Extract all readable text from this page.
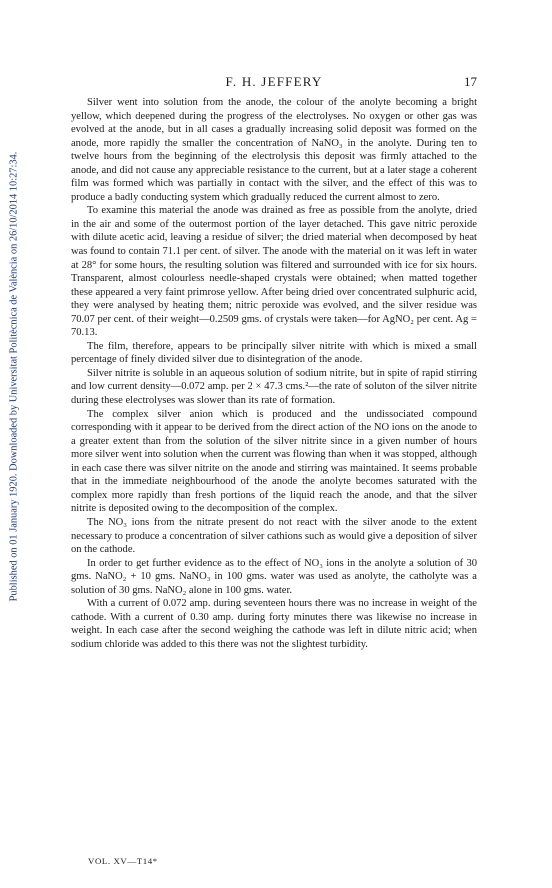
Published on 01 January 1920. Downloaded by Universitat Politècnica de València on 26/10/2014 10:27:34.
F. H. JEFFERY	17

Silver went into solution from the anode, the colour of the anolyte becoming a bright yellow, which deepened during the progress of the electrolyses. No oxygen or other gas was evolved at the anode, but in all cases a gradually increasing solid deposit was formed on the anode, more rapidly the smaller the concentration of NaNO₃ in the anolyte. During ten to twelve hours from the beginning of the electrolysis this deposit was firmly attached to the anode, and did not cause any appreciable resistance to the current, but at a later stage a coherent film was formed which was partially in contact with the silver, and the effect of this was to produce a badly conducting system which gradually reduced the current almost to zero.

To examine this material the anode was drained as free as possible from the anolyte, dried in the air and some of the outermost portion of the layer detached. This gave nitric peroxide with dilute acetic acid, leaving a residue of silver; the dried material when decomposed by heat was found to contain 71.1 per cent. of silver. The anode with the material on it was left in water at 28° for some hours, the resulting solution was filtered and surrounded with ice for six hours. Transparent, almost colourless needle-shaped crystals were obtained; when matted together these appeared a very faint primrose yellow. After being dried over concentrated sulphuric acid, they were analysed by heating them; nitric peroxide was evolved, and the silver residue was 70.07 per cent. of their weight—0.2509 gms. of crystals were taken—for AgNO₂ per cent. Ag = 70.13.

The film, therefore, appears to be principally silver nitrite with which is mixed a small percentage of finely divided silver due to disintegration of the anode.

Silver nitrite is soluble in an aqueous solution of sodium nitrite, but in spite of rapid stirring and low current density—0.072 amp. per 2 × 47.3 cms.²—the rate of soluton of the silver nitrite during these electrolyses was slower than its rate of formation.

The complex silver anion which is produced and the undissociated compound corresponding with it appear to be derived from the direct action of the NO ions on the anode to a greater extent than from the solution of the silver nitrite since in a given number of hours more silver went into solution when the current was flowing than when it was stopped, although in each case there was silver nitrite on the anode and stirring was maintained. It seems probable that in the immediate neighbourhood of the anode the anolyte becomes saturated with the complex more rapidly than fresh portions of the liquid reach the anode, and that the silver nitrite is deposited owing to the decomposition of the complex.

The NO₃ ions from the nitrate present do not react with the silver anode to the extent necessary to produce a concentration of silver cathions such as would give a deposition of silver on the cathode.

In order to get further evidence as to the effect of NO₃ ions in the anolyte a solution of 30 gms. NaNO₂ + 10 gms. NaNO₃ in 100 gms. water was used as anolyte, the catholyte was a solution of 30 gms. NaNO₂ alone in 100 gms. water.

With a current of 0.072 amp. during seventeen hours there was no increase in weight of the cathode. With a current of 0.30 amp. during forty minutes there was likewise no increase in weight. In each case after the second weighing the cathode was left in dilute nitric acid; when sodium chloride was added to this there was not the slightest turbidity.

VOL. XV—T14*
